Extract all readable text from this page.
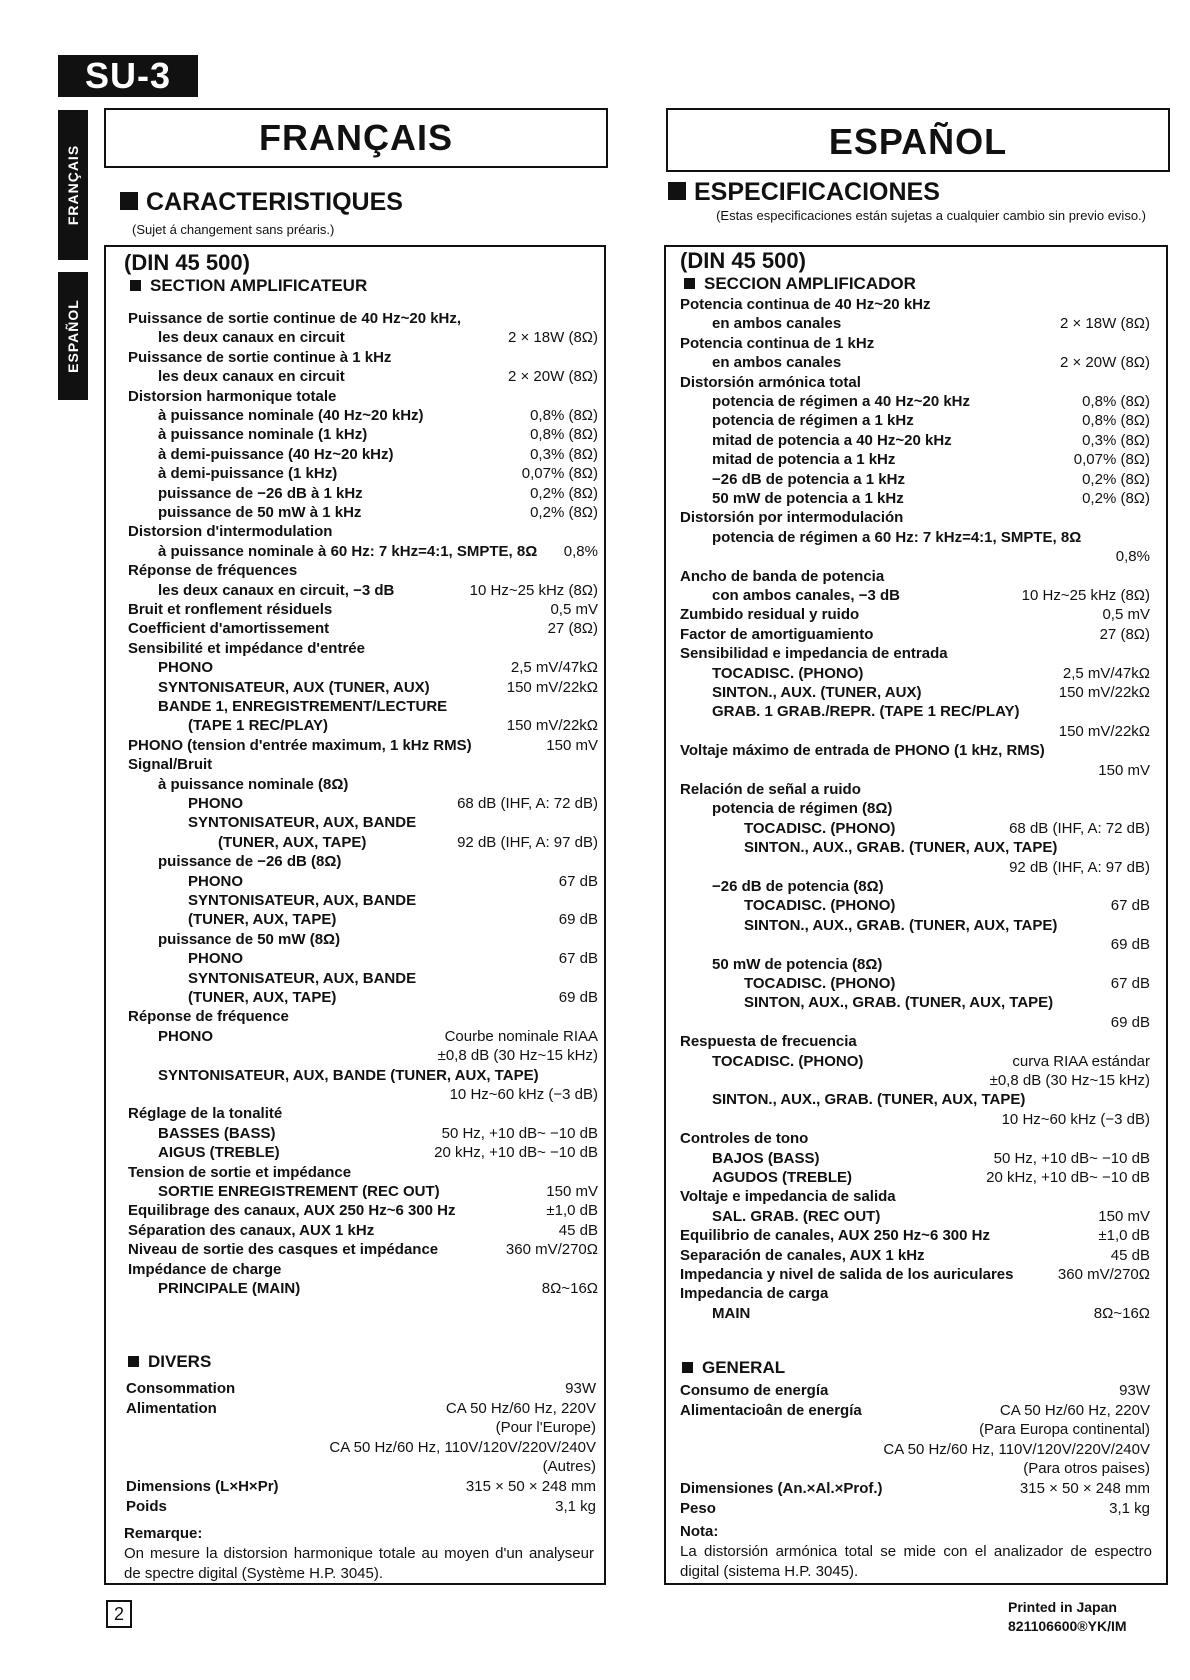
SU-3
FRANÇAIS
ESPAÑOL
FRANÇAIS
CARACTERISTIQUES
(Sujet á changement sans préaris.)
(DIN 45 500)
SECTION AMPLIFICATEUR
Puissance de sortie continue de 40 Hz~20 kHz,
les deux canaux en circuit	2 × 18W (8Ω)
Puissance de sortie continue à 1 kHz
les deux canaux en circuit	2 × 20W (8Ω)
Distorsion harmonique totale
à puissance nominale (40 Hz~20 kHz)	0,8% (8Ω)
à puissance nominale (1 kHz)	0,8% (8Ω)
à demi-puissance (40 Hz~20 kHz)	0,3% (8Ω)
à demi-puissance (1 kHz)	0,07% (8Ω)
puissance de −26 dB à 1 kHz	0,2% (8Ω)
puissance de 50 mW à 1 kHz	0,2% (8Ω)
Distorsion d'intermodulation
à puissance nominale à 60 Hz: 7 kHz=4:1, SMPTE, 8Ω 0,8%
Réponse de fréquences
les deux canaux en circuit, −3 dB	10 Hz~25 kHz (8Ω)
Bruit et ronflement résiduels	0,5 mV
Coefficient d'amortissement	27 (8Ω)
Sensibilité et impédance d'entrée
PHONO	2,5 mV/47kΩ
SYNTONISATEUR, AUX (TUNER, AUX)	150 mV/22kΩ
BANDE 1, ENREGISTREMENT/LECTURE
(TAPE 1 REC/PLAY)	150 mV/22kΩ
PHONO (tension d'entrée maximum, 1 kHz RMS)	150 mV
Signal/Bruit
à puissance nominale (8Ω)
PHONO	68 dB (IHF, A: 72 dB)
SYNTONISATEUR, AUX, BANDE
(TUNER, AUX, TAPE)	92 dB (IHF, A: 97 dB)
puissance de −26 dB (8Ω)
PHONO	67 dB
SYNTONISATEUR, AUX, BANDE
(TUNER, AUX, TAPE)	69 dB
puissance de 50 mW (8Ω)
PHONO	67 dB
SYNTONISATEUR, AUX, BANDE
(TUNER, AUX, TAPE)	69 dB
Réponse de fréquence
PHONO	Courbe nominale RIAA
±0,8 dB (30 Hz~15 kHz)
SYNTONISATEUR, AUX, BANDE (TUNER, AUX, TAPE)
10 Hz~60 kHz (−3 dB)
Réglage de la tonalité
BASSES (BASS)	50 Hz, +10 dB~ −10 dB
AIGUS (TREBLE)	20 kHz, +10 dB~ −10 dB
Tension de sortie et impédance
SORTIE ENREGISTREMENT (REC OUT)	150 mV
Equilibrage des canaux, AUX 250 Hz~6 300 Hz	±1,0 dB
Séparation des canaux, AUX 1 kHz	45 dB
Niveau de sortie des casques et impédance	360 mV/270Ω
Impédance de charge
PRINCIPALE (MAIN)	8Ω~16Ω
DIVERS
Consommation	93W
Alimentation	CA 50 Hz/60 Hz, 220V
(Pour l'Europe)
CA 50 Hz/60 Hz, 110V/120V/220V/240V
(Autres)
Dimensions (L×H×Pr)	315 × 50 × 248 mm
Poids	3,1 kg
Remarque:
On mesure la distorsion harmonique totale au moyen d'un analyseur de spectre digital (Système H.P. 3045).
ESPAÑOL
ESPECIFICACIONES
(Estas especificaciones están sujetas a cualquier cambio sin previo eviso.)
(DIN 45 500)
SECCION AMPLIFICADOR
Potencia continua de 40 Hz~20 kHz
en ambos canales	2 × 18W (8Ω)
Potencia continua de 1 kHz
en ambos canales	2 × 20W (8Ω)
Distorsión armónica total
potencia de régimen a 40 Hz~20 kHz	0,8% (8Ω)
potencia de régimen a 1 kHz	0,8% (8Ω)
mitad de potencia a 40 Hz~20 kHz	0,3% (8Ω)
mitad de potencia a 1 kHz	0,07% (8Ω)
−26 dB de potencia a 1 kHz	0,2% (8Ω)
50 mW de potencia a 1 kHz	0,2% (8Ω)
Distorsión por intermodulación
potencia de régimen a 60 Hz: 7 kHz=4:1, SMPTE, 8Ω
0,8%
Ancho de banda de potencia
con ambos canales, −3 dB	10 Hz~25 kHz (8Ω)
Zumbido residual y ruido	0,5 mV
Factor de amortiguamiento	27 (8Ω)
Sensibilidad e impedancia de entrada
TOCADISC. (PHONO)	2,5 mV/47kΩ
SINTON., AUX. (TUNER, AUX)	150 mV/22kΩ
GRAB. 1 GRAB./REPR. (TAPE 1 REC/PLAY)
150 mV/22kΩ
Voltaje máximo de entrada de PHONO (1 kHz, RMS)
150 mV
Relación de señal a ruido
potencia de régimen (8Ω)
TOCADISC. (PHONO)	68 dB (IHF, A: 72 dB)
SINTON., AUX., GRAB. (TUNER, AUX, TAPE)
92 dB (IHF, A: 97 dB)
−26 dB de potencia (8Ω)
TOCADISC. (PHONO)	67 dB
SINTON., AUX., GRAB. (TUNER, AUX, TAPE)
69 dB
50 mW de potencia (8Ω)
TOCADISC. (PHONO)	67 dB
SINTON, AUX., GRAB. (TUNER, AUX, TAPE)
69 dB
Respuesta de frecuencia
TOCADISC. (PHONO)	curva RIAA estándar
±0,8 dB (30 Hz~15 kHz)
SINTON., AUX., GRAB. (TUNER, AUX, TAPE)
10 Hz~60 kHz (−3 dB)
Controles de tono
BAJOS (BASS)	50 Hz, +10 dB~ −10 dB
AGUDOS (TREBLE)	20 kHz, +10 dB~ −10 dB
Voltaje e impedancia de salida
SAL. GRAB. (REC OUT)	150 mV
Equilibrio de canales, AUX 250 Hz~6 300 Hz	±1,0 dB
Separación de canales, AUX 1 kHz	45 dB
Impedancia y nivel de salida de los auriculares	360 mV/270Ω
Impedancia de carga
MAIN	8Ω~16Ω
GENERAL
Consumo de energía	93W
Alimentacioân de energía	CA 50 Hz/60 Hz, 220V
(Para Europa continental)
CA 50 Hz/60 Hz, 110V/120V/220V/240V
(Para otros paises)
Dimensiones (An.×Al.×Prof.)	315 × 50 × 248 mm
Peso	3,1 kg
Nota:
La distorsión armónica total se mide con el analizador de espectro digital (sistema H.P. 3045).
2	Printed in Japan
821106600®YK/IM
